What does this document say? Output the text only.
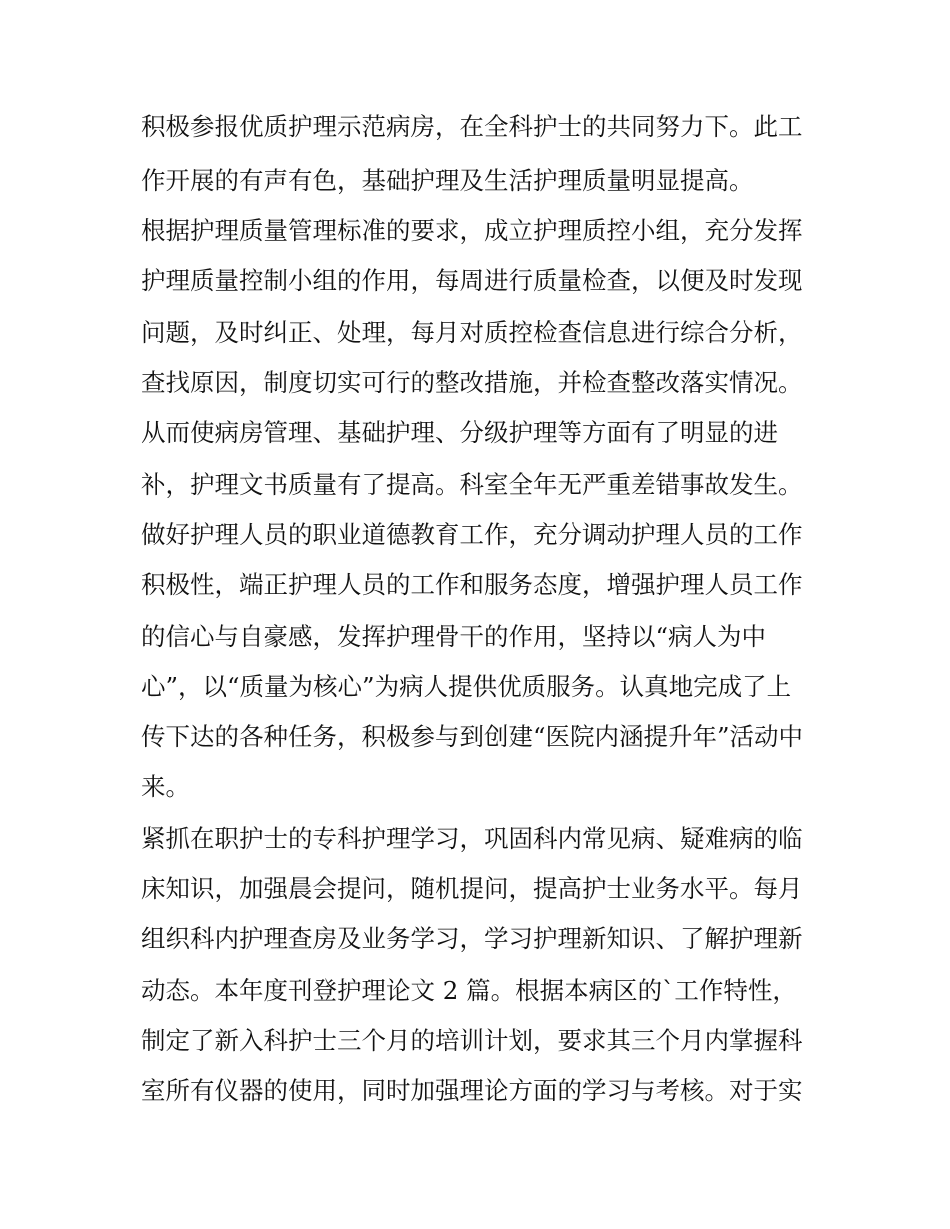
积极参报优质护理示范病房，在全科护士的共同努力下。此工
作开展的有声有色，基础护理及生活护理质量明显提高。
根据护理质量管理标准的要求，成立护理质控小组，充分发挥
护理质量控制小组的作用，每周进行质量检查，以便及时发现
问题，及时纠正、处理，每月对质控检查信息进行综合分析，
查找原因，制度切实可行的整改措施，并检查整改落实情况。
从而使病房管理、基础护理、分级护理等方面有了明显的进
补，护理文书质量有了提高。科室全年无严重差错事故发生。
做好护理人员的职业道德教育工作，充分调动护理人员的工作
积极性，端正护理人员的工作和服务态度，增强护理人员工作
的信心与自豪感，发挥护理骨干的作用，坚持以“病人为中
心”，以“质量为核心”为病人提供优质服务。认真地完成了上
传下达的各种任务，积极参与到创建“医院内涵提升年”活动中
来。
紧抓在职护士的专科护理学习，巩固科内常见病、疑难病的临
床知识，加强晨会提问，随机提问，提高护士业务水平。每月
组织科内护理查房及业务学习，学习护理新知识、了解护理新
动态。本年度刊登护理论文 2 篇。根据本病区的`工作特性，
制定了新入科护士三个月的培训计划，要求其三个月内掌握科
室所有仪器的使用，同时加强理论方面的学习与考核。对于实
